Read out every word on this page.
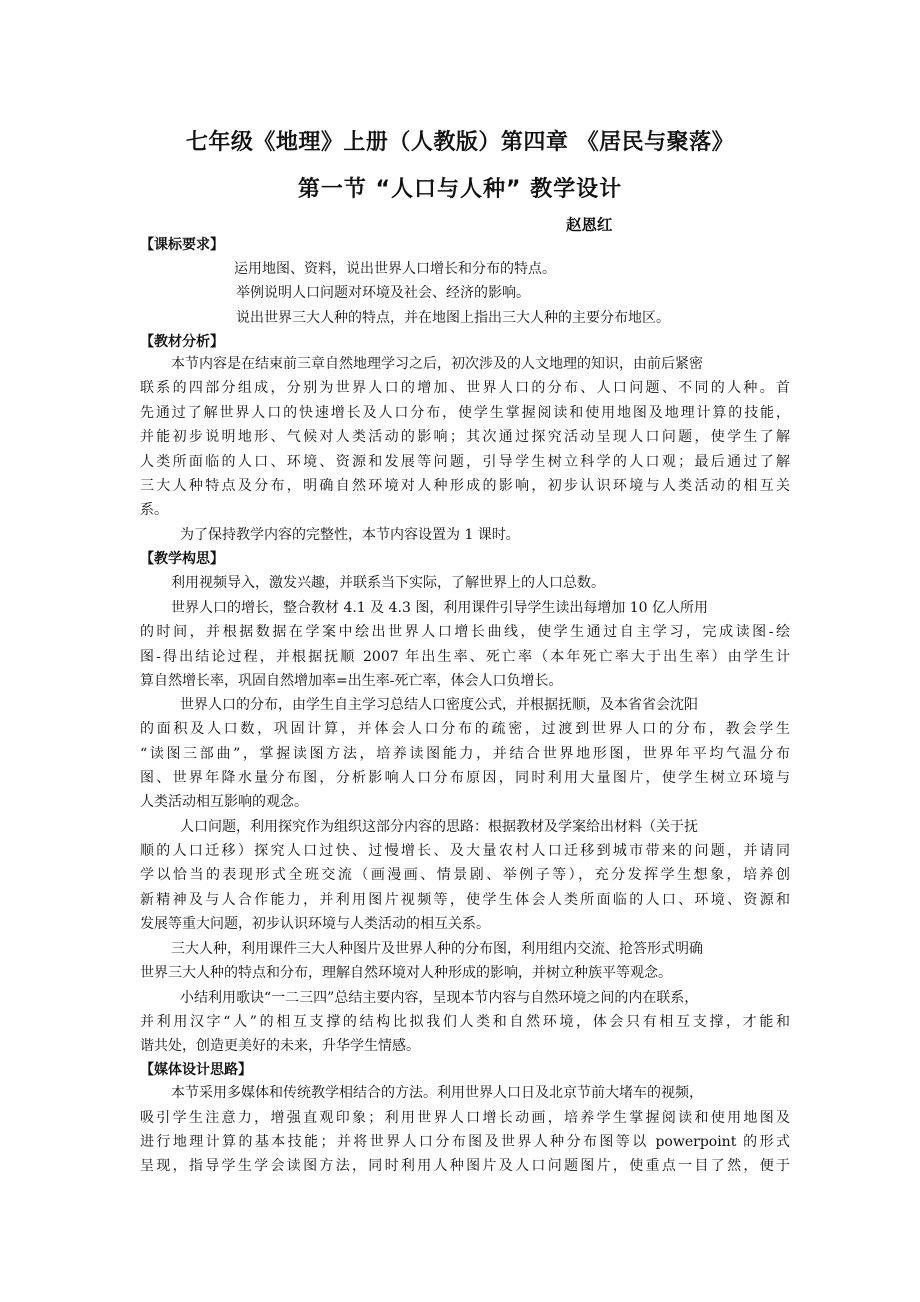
七年级《地理》上册（人教版）第四章 《居民与聚落》
第一节 “人口与人种” 教学设计
赵恩红
【课标要求】
运用地图、资料，说出世界人口增长和分布的特点。
举例说明人口问题对环境及社会、经济的影响。
说出世界三大人种的特点，并在地图上指出三大人种的主要分布地区。
【教材分析】
本节内容是在结束前三章自然地理学习之后，初次涉及的人文地理的知识，由前后紧密
联系的四部分组成，分别为世界人口的增加、世界人口的分布、人口问题、不同的人种。首
先通过了解世界人口的快速增长及人口分布，使学生掌握阅读和使用地图及地理计算的技能，
并能初步说明地形、气候对人类活动的影响；其次通过探究活动呈现人口问题，使学生了解
人类所面临的人口、环境、资源和发展等问题，引导学生树立科学的人口观；最后通过了解
三大人种特点及分布，明确自然环境对人种形成的影响，初步认识环境与人类活动的相互关
系。
为了保持教学内容的完整性，本节内容设置为 1 课时。
【教学构思】
利用视频导入，激发兴趣，并联系当下实际，了解世界上的人口总数。
世界人口的增长，整合教材 4.1 及 4.3 图，利用课件引导学生读出每增加 10 亿人所用
的时间，并根据数据在学案中绘出世界人口增长曲线，使学生通过自主学习，完成读图-绘
图-得出结论过程，并根据抚顺 2007 年出生率、死亡率（本年死亡率大于出生率）由学生计
算自然增长率，巩固自然增加率=出生率-死亡率，体会人口负增长。
世界人口的分布，由学生自主学习总结人口密度公式，并根据抚顺，及本省省会沈阳
的面积及人口数，巩固计算，并体会人口分布的疏密，过渡到世界人口的分布，教会学生
“读图三部曲”，掌握读图方法，培养读图能力，并结合世界地形图，世界年平均气温分布
图、世界年降水量分布图，分析影响人口分布原因，同时利用大量图片，使学生树立环境与
人类活动相互影响的观念。
人口问题，利用探究作为组织这部分内容的思路：根据教材及学案给出材料（关于抚
顺的人口迁移）探究人口过快、过慢增长、及大量农村人口迁移到城市带来的问题，并请同
学以恰当的表现形式全班交流（画漫画、情景剧、举例子等），充分发挥学生想象，培养创
新精神及与人合作能力，并利用图片视频等，使学生体会人类所面临的人口、环境、资源和
发展等重大问题，初步认识环境与人类活动的相互关系。
三大人种，利用课件三大人种图片及世界人种的分布图，利用组内交流、抢答形式明确
世界三大人种的特点和分布，理解自然环境对人种形成的影响，并树立种族平等观念。
小结利用歌诀“一二三四”总结主要内容，呈现本节内容与自然环境之间的内在联系，
并利用汉字“人”的相互支撑的结构比拟我们人类和自然环境，体会只有相互支撑，才能和
谐共处，创造更美好的未来，升华学生情感。
【媒体设计思路】
本节采用多媒体和传统教学相结合的方法。利用世界人口日及北京节前大堵车的视频，
吸引学生注意力，增强直观印象；利用世界人口增长动画，培养学生掌握阅读和使用地图及
进行地理计算的基本技能；并将世界人口分布图及世界人种分布图等以 powerpoint 的形式
呈现，指导学生学会读图方法，同时利用人种图片及人口问题图片，使重点一目了然，便于
